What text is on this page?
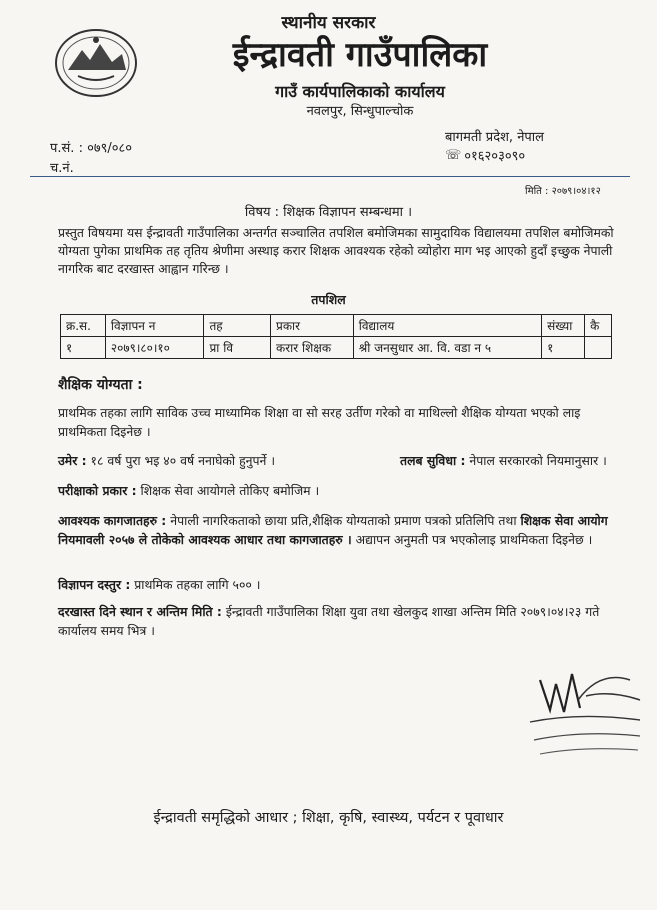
स्थानीय सरकार
ईन्द्रावती गाउँपालिका
गाउँ कार्यपालिकाको कार्यालय
नवलपुर, सिन्धुपाल्चोक
प.सं. : ०७९/०८०
च.नं.
बागमती प्रदेश, नेपाल
☏ ०१६२०३०९०
मिति : २०७९।०४।१२
विषय : शिक्षक विज्ञापन सम्बन्धमा ।
प्रस्तुत विषयमा यस ईन्द्रावती गाउँपालिका अन्तर्गत सञ्चालित तपशिल बमोजिमका सामुदायिक विद्यालयमा तपशिल बमोजिमको योग्यता पुगेका प्राथमिक तह तृतिय श्रेणीमा अस्थाइ करार शिक्षक आवश्यक रहेको व्योहोरा माग भइ आएको हुदाँ इच्छुक नेपाली नागरिक बाट दरखास्त आह्वान गरिन्छ ।
तपशिल
क्र.स.	विज्ञापन न	तह	प्रकार	विद्यालय	संख्या	कै
१	२०७९।८०।१०	प्रा वि	करार शिक्षक	श्री जनसुधार आ. वि. वडा न ५	१	
शैक्षिक योग्यता :
प्राथमिक तहका लागि साविक उच्च माध्यामिक शिक्षा वा सो सरह उर्तीण गरेको वा माथिल्लो शैक्षिक योग्यता भएको लाइ प्राथमिकता दिइनेछ ।
उमेर : १८ वर्ष पुरा भइ ४० वर्ष ननाघेको हुनुपर्ने ।	तलब सुविधा : नेपाल सरकारको नियमानुसार ।
परीक्षाको प्रकार : शिक्षक सेवा आयोगले तोकिए बमोजिम ।
आवश्यक कागजातहरु : नेपाली नागरिकताको छाया प्रति,शैक्षिक योग्यताको प्रमाण पत्रको प्रतिलिपि तथा शिक्षक सेवा आयोग नियमावली २०५७ ले तोकेको आवश्यक आधार तथा कागजातहरु । अद्यापन अनुमती पत्र भएकोलाइ प्राथमिकता दिइनेछ ।
विज्ञापन दस्तुर : प्राथमिक तहका लागि ५०० ।
दरखास्त दिने स्थान र अन्तिम मिति : ईन्द्रावती गाउँपालिका शिक्षा युवा तथा खेलकुद शाखा अन्तिम मिति २०७९।०४।२३ गते कार्यालय समय भित्र ।
ईन्द्रावती समृद्धिको आधार ; शिक्षा, कृषि, स्वास्थ्य, पर्यटन र पूवाधार
